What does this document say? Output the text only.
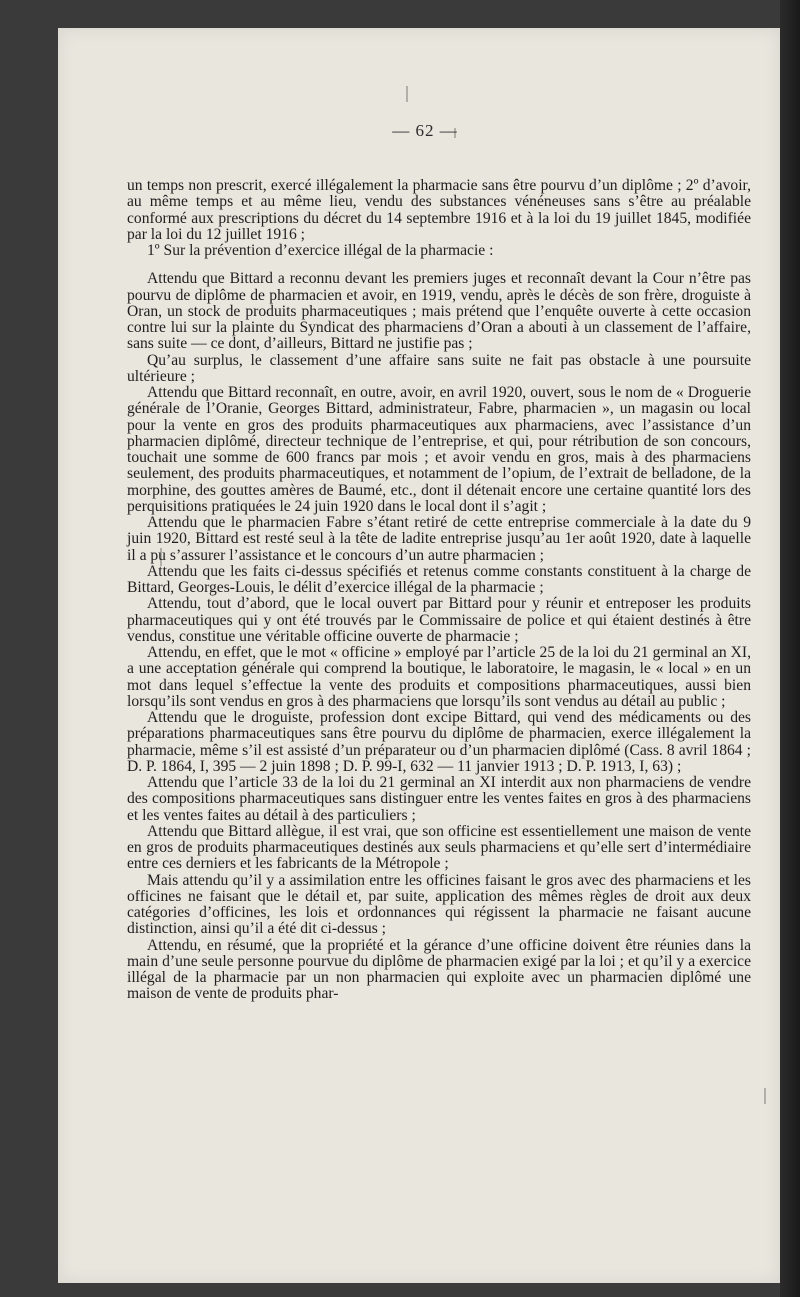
— 62 —

un temps non prescrit, exercé illégalement la pharmacie sans être pourvu d’un diplôme ; 2º d’avoir, au même temps et au même lieu, vendu des substances vénéneuses sans s’être au préalable conformé aux prescriptions du décret du 14 septembre 1916 et à la loi du 19 juillet 1845, modifiée par la loi du 12 juillet 1916 ;

1º Sur la prévention d’exercice illégal de la pharmacie :

Attendu que Bittard a reconnu devant les premiers juges et reconnaît devant la Cour n’être pas pourvu de diplôme de pharmacien et avoir, en 1919, vendu, après le décès de son frère, droguiste à Oran, un stock de produits pharmaceutiques ; mais prétend que l’enquête ouverte à cette occasion contre lui sur la plainte du Syndicat des pharmaciens d’Oran a abouti à un classement de l’affaire, sans suite — ce dont, d’ailleurs, Bittard ne justifie pas ;

Qu’au surplus, le classement d’une affaire sans suite ne fait pas obstacle à une poursuite ultérieure ;

Attendu que Bittard reconnaît, en outre, avoir, en avril 1920, ouvert, sous le nom de « Droguerie générale de l’Oranie, Georges Bittard, administrateur, Fabre, pharmacien », un magasin ou local pour la vente en gros des produits pharmaceutiques aux pharmaciens, avec l’assistance d’un pharmacien diplômé, directeur technique de l’entreprise, et qui, pour rétribution de son concours, touchait une somme de 600 francs par mois ; et avoir vendu en gros, mais à des pharmaciens seulement, des produits pharmaceutiques, et notamment de l’opium, de l’extrait de belladone, de la morphine, des gouttes amères de Baumé, etc., dont il détenait encore une certaine quantité lors des perquisitions pratiquées le 24 juin 1920 dans le local dont il s’agit ;

Attendu que le pharmacien Fabre s’étant retiré de cette entreprise commerciale à la date du 9 juin 1920, Bittard est resté seul à la tête de ladite entreprise jusqu’au 1er août 1920, date à laquelle il a pu s’assurer l’assistance et le concours d’un autre pharmacien ;

Attendu que les faits ci-dessus spécifiés et retenus comme constants constituent à la charge de Bittard, Georges-Louis, le délit d’exercice illégal de la pharmacie ;

Attendu, tout d’abord, que le local ouvert par Bittard pour y réunir et entreposer les produits pharmaceutiques qui y ont été trouvés par le Commissaire de police et qui étaient destinés à être vendus, constitue une véritable officine ouverte de pharmacie ;

Attendu, en effet, que le mot « officine » employé par l’article 25 de la loi du 21 germinal an XI, a une acceptation générale qui comprend la boutique, le laboratoire, le magasin, le « local » en un mot dans lequel s’effectue la vente des produits et compositions pharmaceutiques, aussi bien lorsqu’ils sont vendus en gros à des pharmaciens que lorsqu’ils sont vendus au détail au public ;

Attendu que le droguiste, profession dont excipe Bittard, qui vend des médicaments ou des préparations pharmaceutiques sans être pourvu du diplôme de pharmacien, exerce illégalement la pharmacie, même s’il est assisté d’un préparateur ou d’un pharmacien diplômé (Cass. 8 avril 1864 ; D. P. 1864, I, 395 — 2 juin 1898 ; D. P. 99-I, 632 — 11 janvier 1913 ; D. P. 1913, I, 63) ;

Attendu que l’article 33 de la loi du 21 germinal an XI interdit aux non pharmaciens de vendre des compositions pharmaceutiques sans distinguer entre les ventes faites en gros à des pharmaciens et les ventes faites au détail à des particuliers ;

Attendu que Bittard allègue, il est vrai, que son officine est essentiellement une maison de vente en gros de produits pharmaceutiques destinés aux seuls pharmaciens et qu’elle sert d’intermédiaire entre ces derniers et les fabricants de la Métropole ;

Mais attendu qu’il y a assimilation entre les officines faisant le gros avec des pharmaciens et les officines ne faisant que le détail et, par suite, application des mêmes règles de droit aux deux catégories d’officines, les lois et ordonnances qui régissent la pharmacie ne faisant aucune distinction, ainsi qu’il a été dit ci-dessus ;

Attendu, en résumé, que la propriété et la gérance d’une officine doivent être réunies dans la main d’une seule personne pourvue du diplôme de pharmacien exigé par la loi ; et qu’il y a exercice illégal de la pharmacie par un non pharmacien qui exploite avec un pharmacien diplômé une maison de vente de produits phar-
